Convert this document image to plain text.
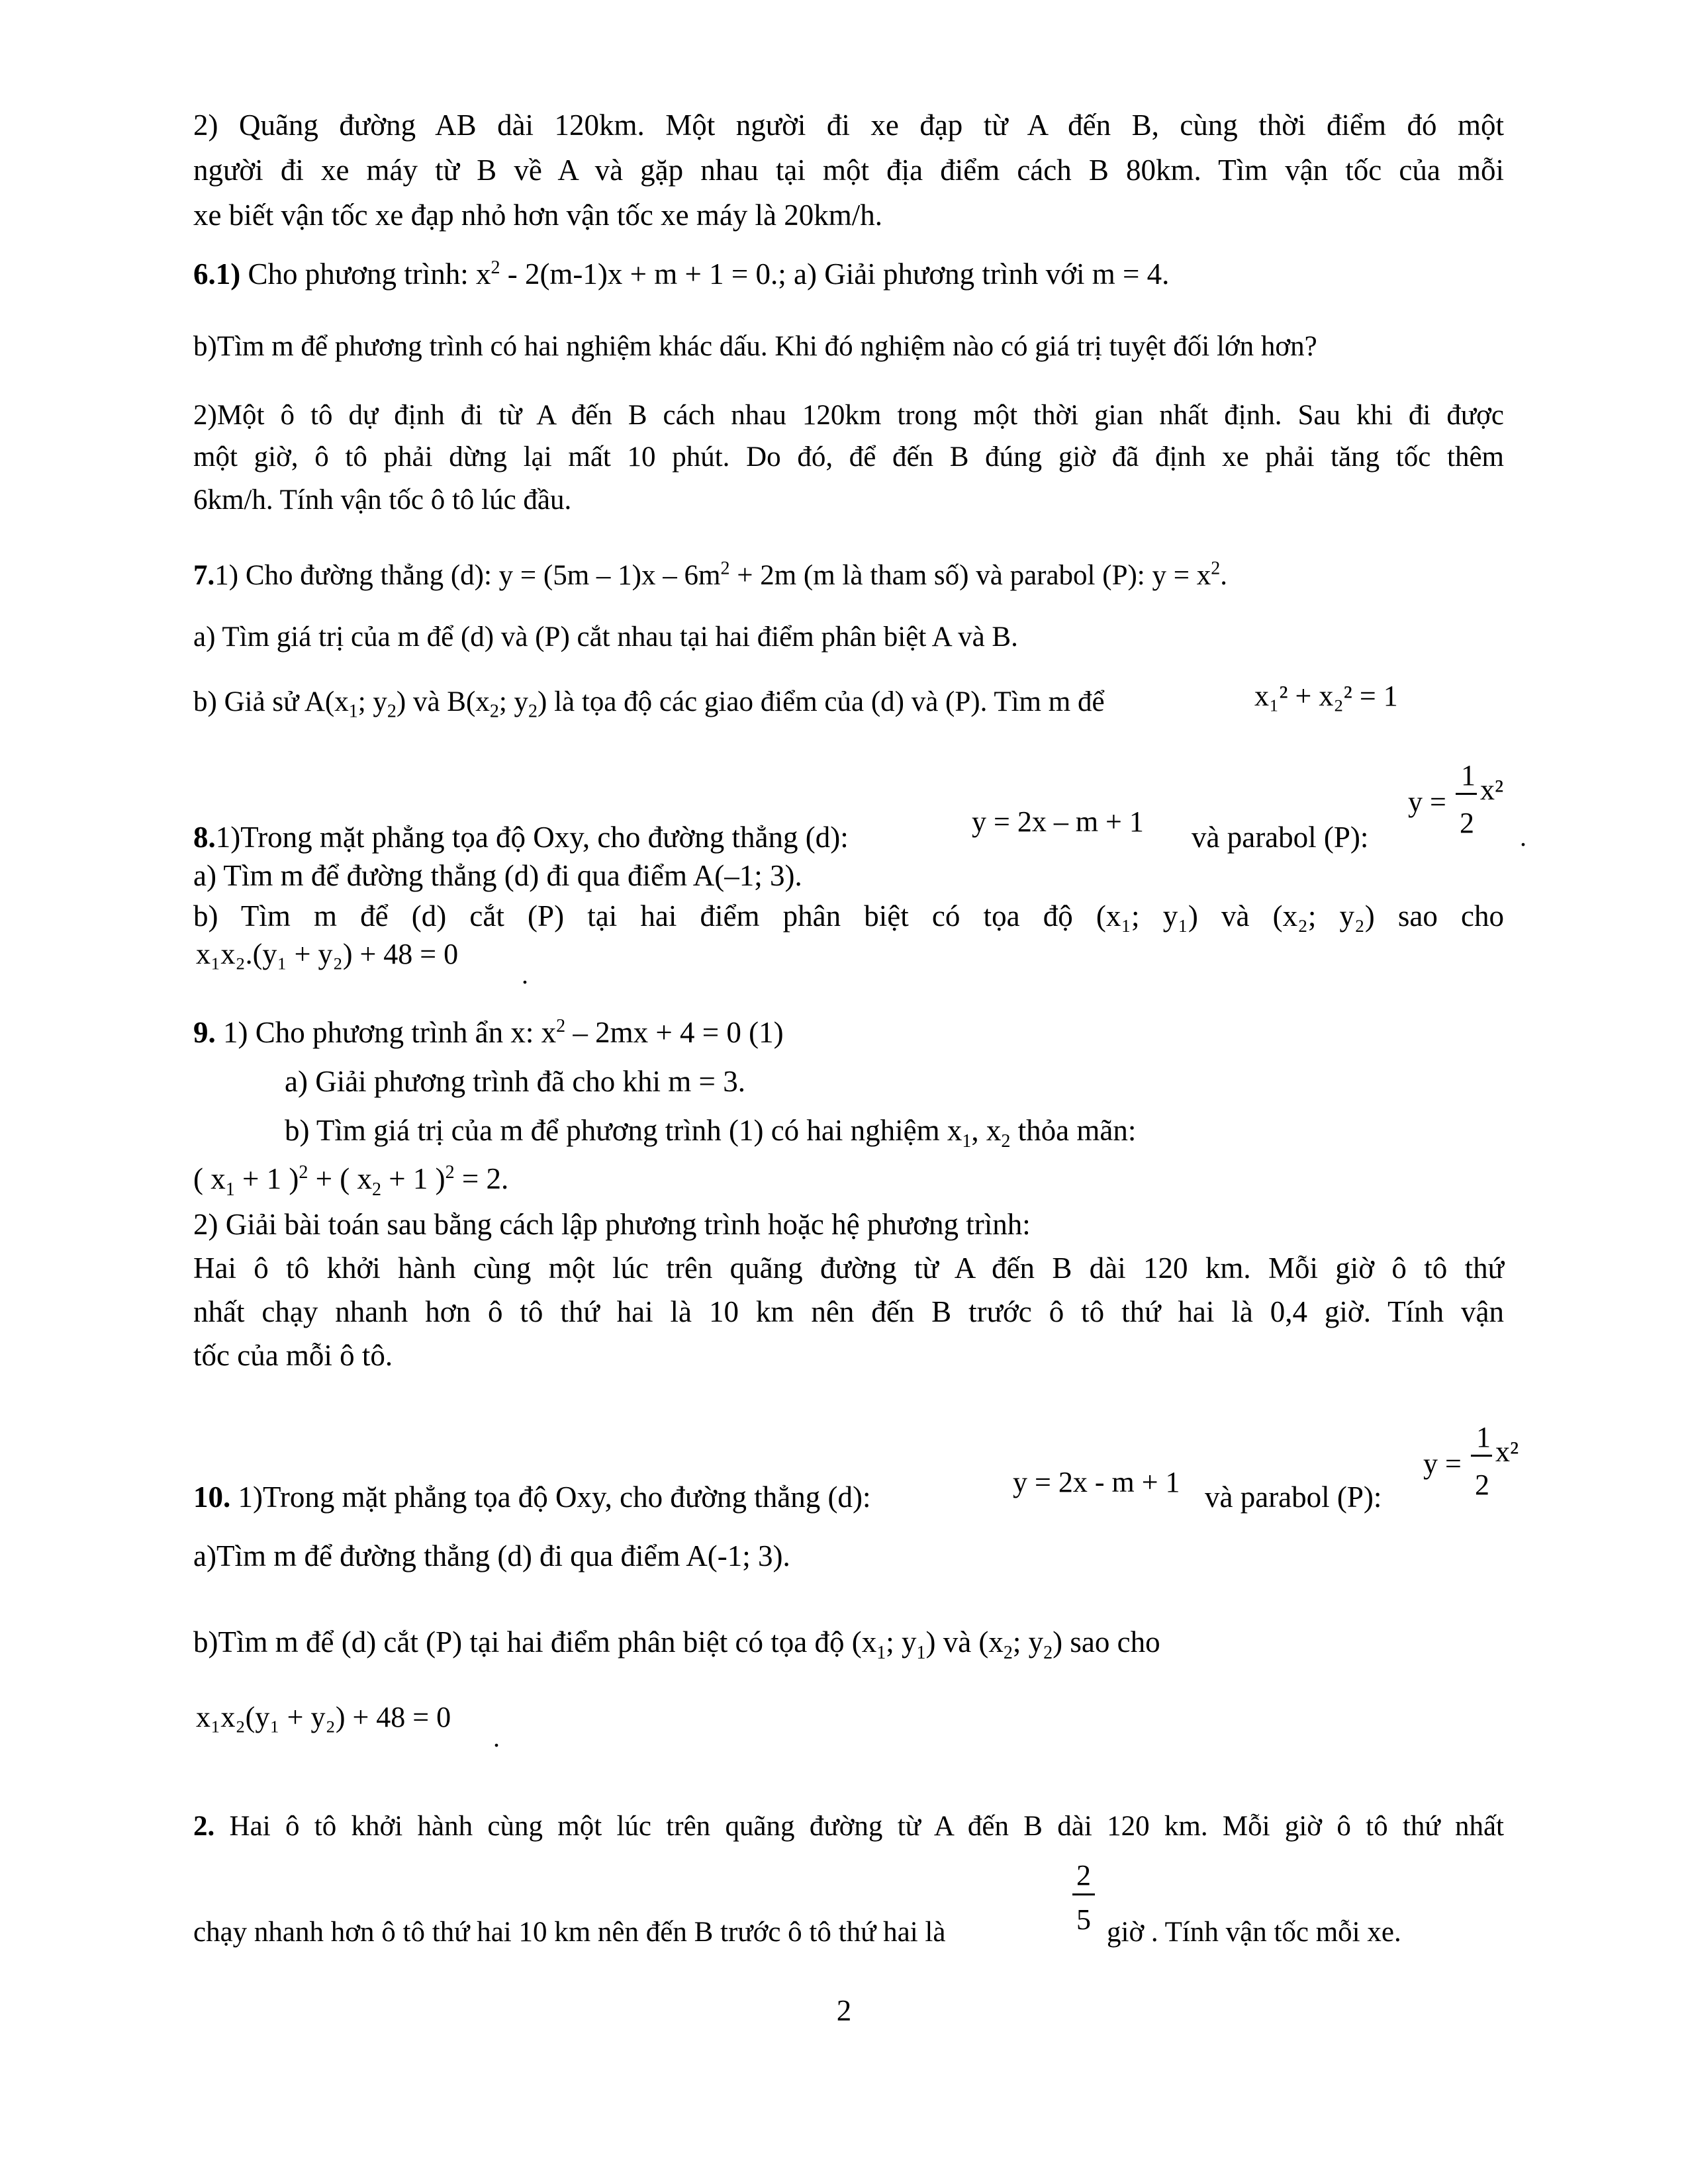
2) Quãng đường AB dài 120km. Một người đi xe đạp từ A đến B, cùng thời điểm đó một

người đi xe máy từ B về A và gặp nhau tại một địa điểm cách B 80km. Tìm vận tốc của mỗi

xe biết vận tốc xe đạp nhỏ hơn vận tốc xe máy là 20km/h.

6.1) Cho phương trình: $x^2 - 2(m-1)x + m + 1 = 0$.; a) Giải phương trình với m = 4.

b)Tìm m để phương trình có hai nghiệm khác dấu. Khi đó nghiệm nào có giá trị tuyệt đối lớn hơn?

2)Một ô tô dự định đi từ A đến B cách nhau 120km trong một thời gian nhất định. Sau khi đi được

một giờ, ô tô phải dừng lại mất 10 phút. Do đó, để đến B đúng giờ đã định xe phải tăng tốc thêm

6km/h. Tính vận tốc ô tô lúc đầu.

7.1) Cho đường thẳng (d): $y = (5m - 1)x - 6m^2 + 2m$ (m là tham số) và parabol (P): $y = x^2$.

a) Tìm giá trị của m để (d) và (P) cắt nhau tại hai điểm phân biệt A và B.

b) Giả sử $A(x_1$; $y_2$) và $B(x_2$; $y_2$) là tọa độ các giao điểm của (d) và (P). Tìm m để	x₁² + x₂² = 1

8.1)Trong mặt phẳng tọa độ Oxy, cho đường thẳng (d):	y = 2x – m + 1 và parabol (P):
y =
1
2
x²
.

a) Tìm m để đường thẳng (d) đi qua điểm A(–1; 3).

b) Tìm m để (d) cắt (P) tại hai điểm phân biệt có tọa độ (x₁; y₁) và (x₂; y₂) sao cho

x₁x₂.(y₁ + y₂) + 48 = 0
.

9. 1) Cho phương trình ẩn x: $x^2 - 2mx + 4 = 0$ (1)

a) Giải phương trình đã cho khi m = 3.

b) Tìm giá trị của m để phương trình (1) có hai nghiệm $x_1$, $x_2$ thỏa mãn:

( $x_1 + 1$ )$^2$ + ( $x_2 + 1$ )$^2$ = 2.

2) Giải bài toán sau bằng cách lập phương trình hoặc hệ phương trình:

Hai ô tô khởi hành cùng một lúc trên quãng đường từ A đến B dài 120 km. Mỗi giờ ô tô thứ

nhất chạy nhanh hơn ô tô thứ hai là 10 km nên đến B trước ô tô thứ hai là 0,4 giờ. Tính vận

tốc của mỗi ô tô.

10. 1)Trong mặt phẳng tọa độ Oxy, cho đường thẳng (d):	y = 2x - m + 1 và parabol (P):
y =
1
2
x²

a)Tìm m để đường thẳng (d) đi qua điểm A(-1; 3).

b)Tìm m để (d) cắt (P) tại hai điểm phân biệt có tọa độ ($x_1$; $y_1$) và ($x_2$; $y_2$) sao cho

x₁x₂(y₁ + y₂) + 48 = 0
.

2. Hai ô tô khởi hành cùng một lúc trên quãng đường từ A đến B dài 120 km. Mỗi giờ ô tô thứ nhất

chạy nhanh hơn ô tô thứ hai 10 km nên đến B trước ô tô thứ hai là

2
5 giờ . Tính vận tốc mỗi xe.
2
